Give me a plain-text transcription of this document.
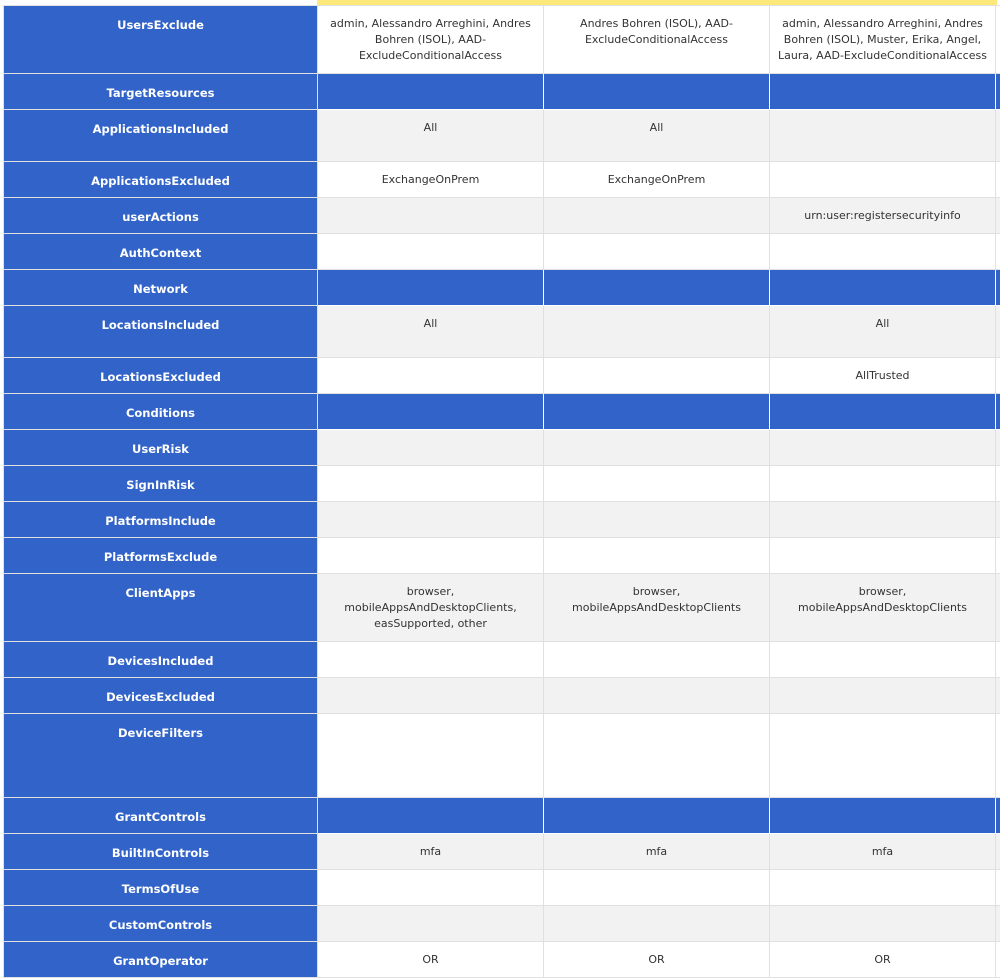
UsersExclude	admin, Alessandro Arreghini, Andres Bohren (ISOL), AAD-ExcludeConditionalAccess	Andres Bohren (ISOL), AAD-ExcludeConditionalAccess	admin, Alessandro Arreghini, Andres Bohren (ISOL), Muster, Erika, Angel, Laura, AAD-ExcludeConditionalAccess	

TargetResources				

ApplicationsIncluded	All	All		

ApplicationsExcluded	ExchangeOnPrem	ExchangeOnPrem		

userActions			urn:user:registersecurityinfo	

AuthContext				

Network				

LocationsIncluded	All		All	

LocationsExcluded			AllTrusted	

Conditions				

UserRisk				

SignInRisk				

PlatformsInclude				

PlatformsExclude				

ClientApps	browser, mobileAppsAndDesktopClients, easSupported, other	browser, mobileAppsAndDesktopClients	browser, mobileAppsAndDesktopClients	

DevicesIncluded				

DevicesExcluded				

DeviceFilters				

GrantControls				

BuiltInControls	mfa	mfa	mfa	

TermsOfUse				

CustomControls				

GrantOperator	OR	OR	OR	
